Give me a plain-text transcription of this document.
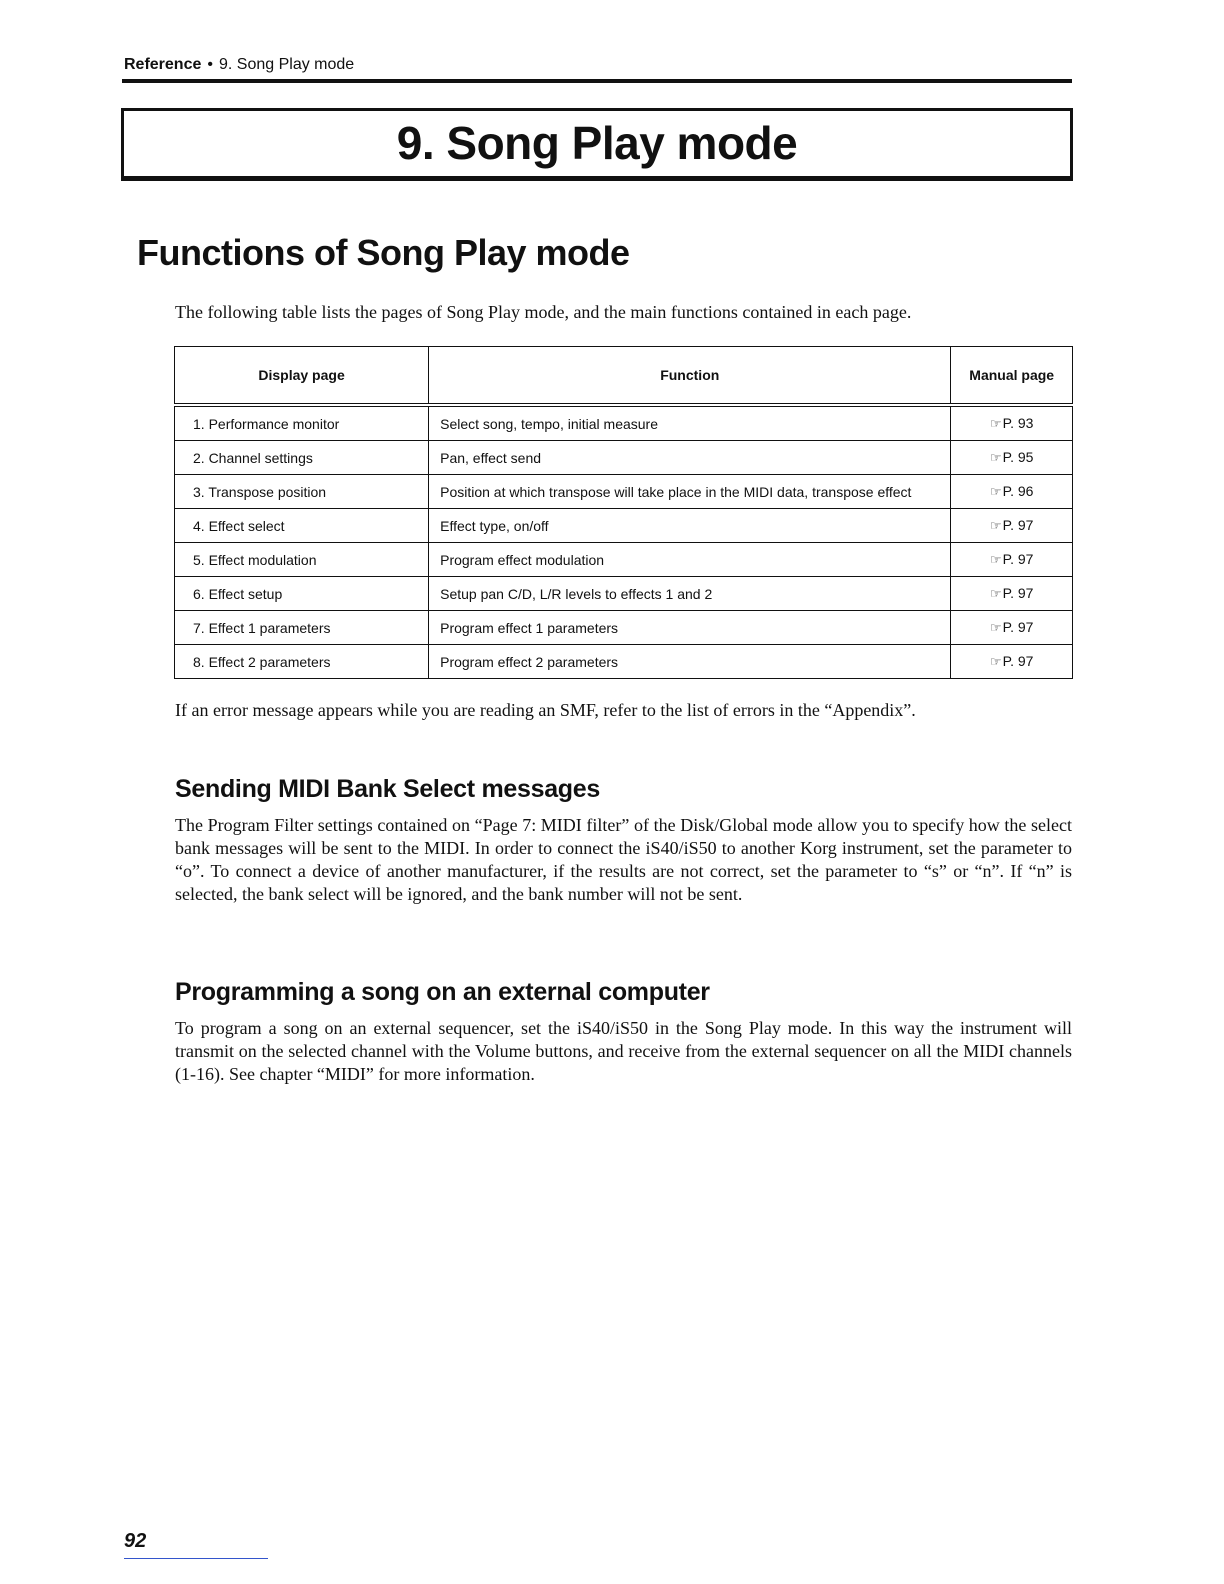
Reference • 9. Song Play mode
9. Song Play mode
Functions of Song Play mode

The following table lists the pages of Song Play mode, and the main functions contained in each page.

Display page	Function	Manual page
1. Performance monitor	Select song, tempo, initial measure	☞P. 93
2. Channel settings	Pan, effect send	☞P. 95
3. Transpose position	Position at which transpose will take place in the MIDI data, transpose effect	☞P. 96
4. Effect select	Effect type, on/off	☞P. 97
5. Effect modulation	Program effect modulation	☞P. 97
6. Effect setup	Setup pan C/D, L/R levels to effects 1 and 2	☞P. 97
7. Effect 1 parameters	Program effect 1 parameters	☞P. 97
8. Effect 2 parameters	Program effect 2 parameters	☞P. 97

If an error message appears while you are reading an SMF, refer to the list of errors in the “Appendix”.

Sending MIDI Bank Select messages

The Program Filter settings contained on “Page 7: MIDI filter” of the Disk/Global mode allow you to specify how the select bank messages will be sent to the MIDI. In order to connect the iS40/iS50 to another Korg instrument, set the parameter to “o”. To connect a device of another manufacturer, if the results are not correct, set the parameter to “s” or “n”. If “n” is selected, the bank select will be ignored, and the bank number will not be sent.

Programming a song on an external computer

To program a song on an external sequencer, set the iS40/iS50 in the Song Play mode. In this way the instrument will transmit on the selected channel with the Volume buttons, and receive from the external sequencer on all the MIDI channels (1-16). See chapter “MIDI” for more information.

92
